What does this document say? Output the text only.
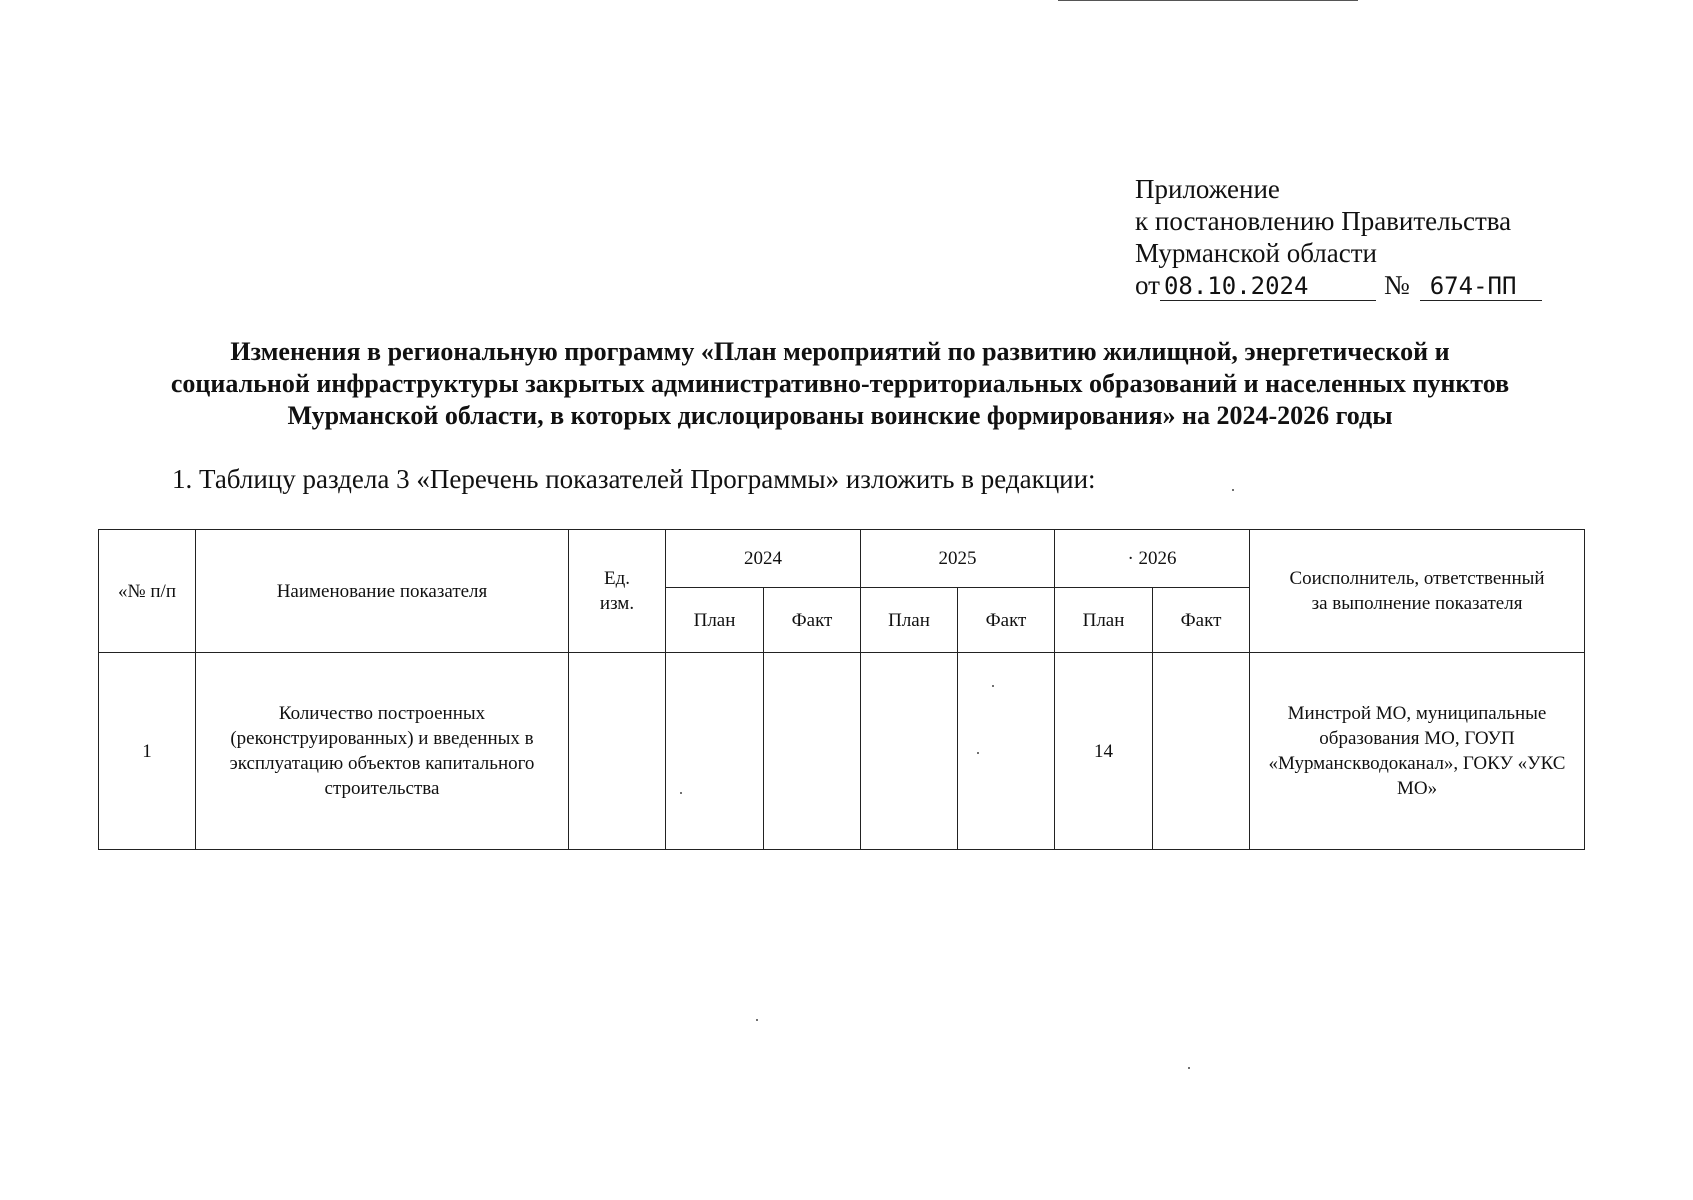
Приложение
к постановлению Правительства
Мурманской области
от 08.10.2024	№ 674-ПП
Изменения в региональную программу «План мероприятий по развитию жилищной, энергетической и
социальной инфраструктуры закрытых административно-территориальных образований и населенных пунктов
Мурманской области, в которых дислоцированы воинские формирования» на 2024-2026 годы
1. Таблицу раздела 3 «Перечень показателей Программы» изложить в редакции:
«№ п/п	Наименование показателя	Ед.
изм.	2024		2025		· 2026		Соисполнитель, ответственный
за выполнение показателя
			План	Факт	План	Факт	План	Факт	
1	Количество построенных (реконструированных) и введенных в эксплуатацию объектов капитального строительства						14		Минстрой МО, муниципальные образования МО, ГОУП «Мурманскводоканал», ГОКУ «УКС МО»
